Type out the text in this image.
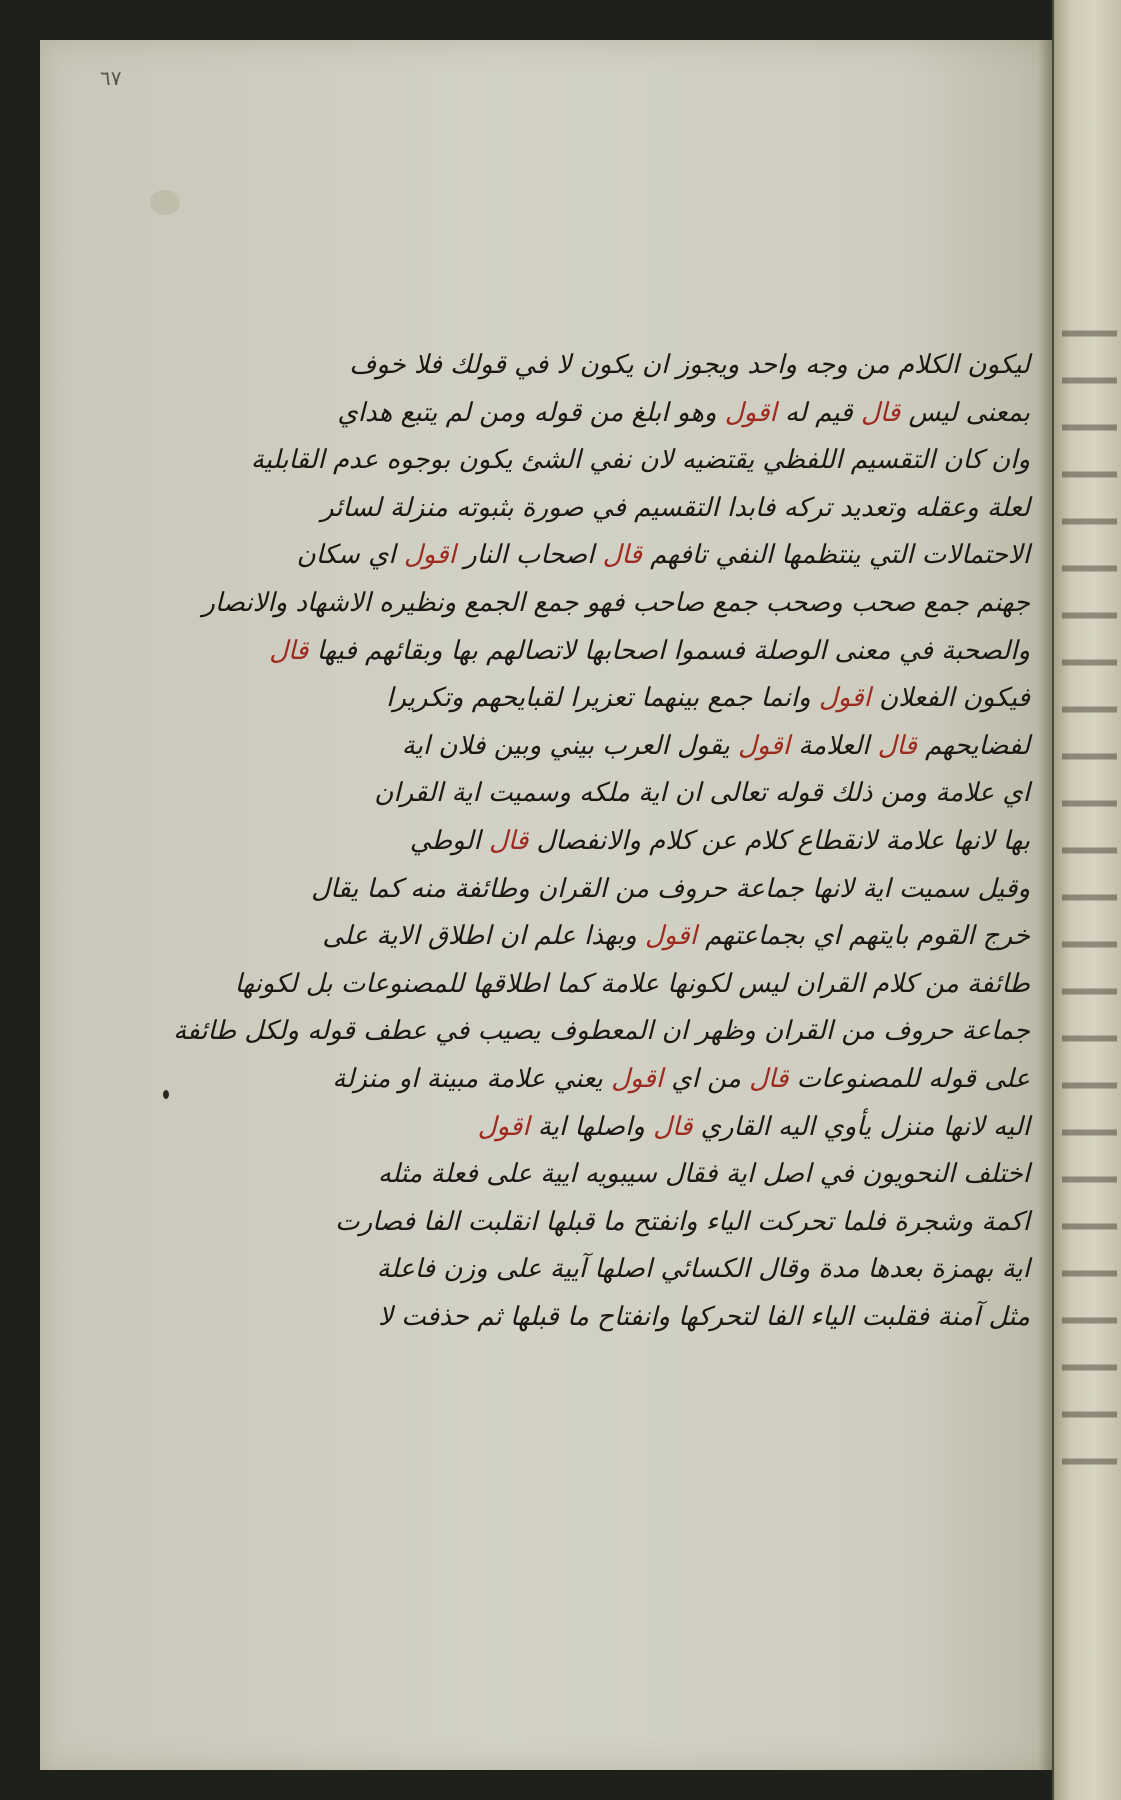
٦٧
ليكون الكلام من وجه واحد ويجوز ان يكون لا في قولك فلا خوف
بمعنى ليس قال قيم له اقول وهو ابلغ من قوله ومن لم يتبع هداي
وان كان التقسيم اللفظي يقتضيه لان نفي الشئ يكون بوجوه عدم القابلية
لعلة وعقله وتعديد تركه فابدا التقسيم في صورة بثبوته منزلة لسائر
الاحتمالات التي ينتظمها النفي تافهم قال اصحاب النار اقول اي سكان
جهنم جمع صحب وصحب جمع صاحب فهو جمع الجمع ونظيره الاشهاد والانصار
والصحبة في معنى الوصلة فسموا اصحابها لاتصالهم بها وبقائهم فيها قال
فيكون الفعلان اقول وانما جمع بينهما تعزيرا لقبايحهم وتكريرا
لفضايحهم قال العلامة اقول يقول العرب بيني وبين فلان اية
اي علامة ومن ذلك قوله تعالى ان اية ملكه وسميت اية القران
بها لانها علامة لانقطاع كلام عن كلام والانفصال قال الوطي
وقيل سميت اية لانها جماعة حروف من القران وطائفة منه كما يقال
خرج القوم بايتهم اي بجماعتهم اقول وبهذا علم ان اطلاق الاية على
طائفة من كلام القران ليس لكونها علامة كما اطلاقها للمصنوعات بل لكونها
جماعة حروف من القران وظهر ان المعطوف يصيب في عطف قوله ولكل طائفة
على قوله للمصنوعات قال من اي اقول يعني علامة مبينة او منزلة
اليه لانها منزل يأوي اليه القاري قال واصلها اية اقول
اختلف النحويون في اصل اية فقال سيبويه ايية على فعلة مثله
اكمة وشجرة فلما تحركت الياء وانفتح ما قبلها انقلبت الفا فصارت
اية بهمزة بعدها مدة وقال الكسائي اصلها آيية على وزن فاعلة
مثل آمنة فقلبت الياء الفا لتحركها وانفتاح ما قبلها ثم حذفت لا
